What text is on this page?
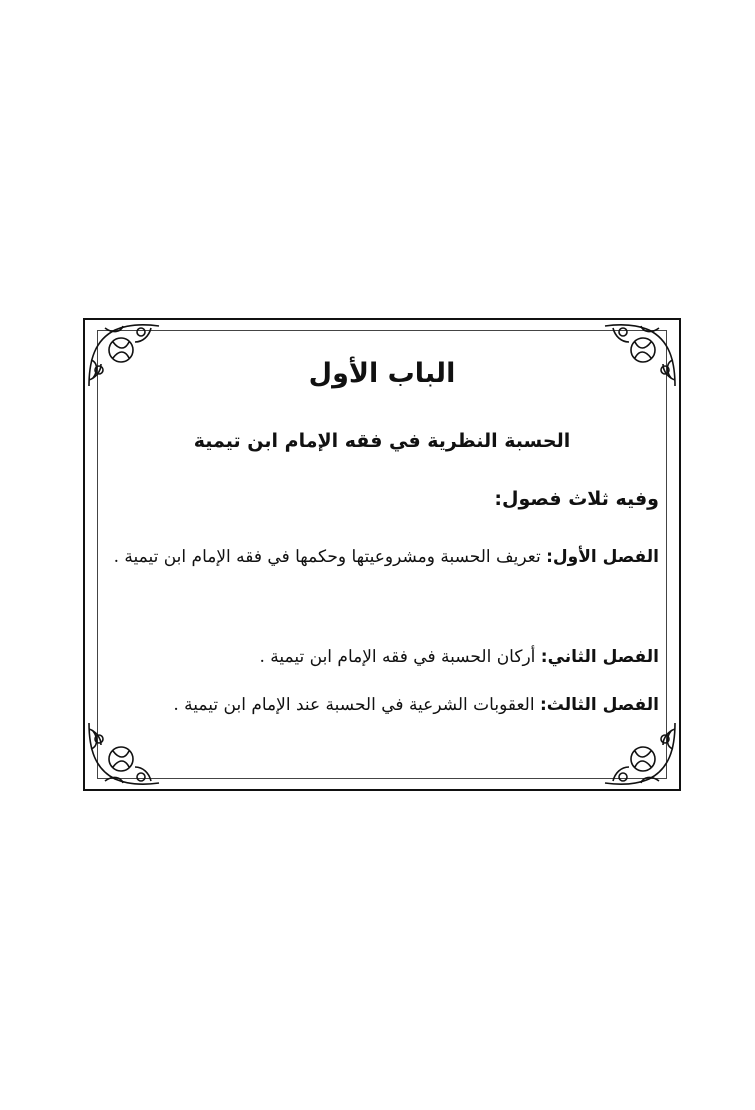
الباب الأول
الحسبة النظرية في فقه الإمام ابن تيمية
وفيه ثلاث فصول:
الفصل الأول: تعريف الحسبة ومشروعيتها وحكمها في فقه الإمام ابن تيمية .
الفصل الثاني: أركان الحسبة في فقه الإمام ابن تيمية .
الفصل الثالث: العقوبات الشرعية في الحسبة عند الإمام ابن تيمية .
